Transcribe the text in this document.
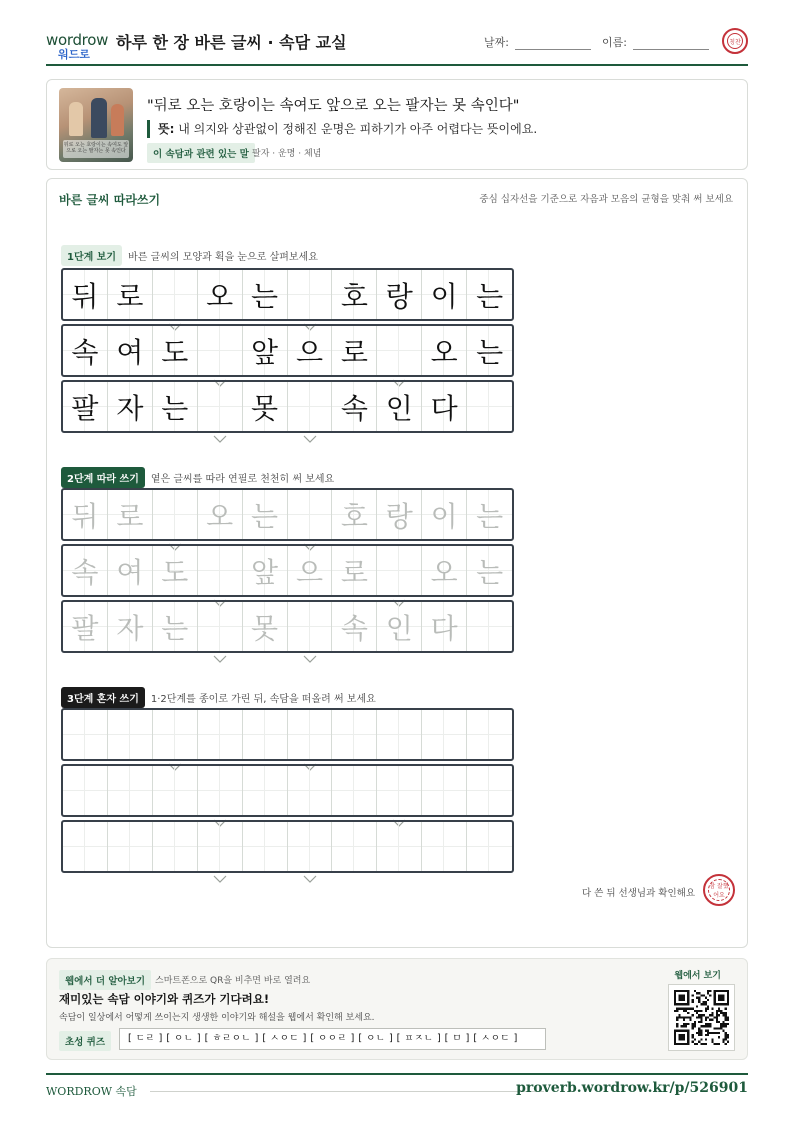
wordrow
워드로
하루 한 장 바른 글씨 · 속담 교실	날짜:	이름:	칭찬
뒤로 오는 호랑이는 속여도 앞으로 오는 팔자는 못 속인다
"뒤로 오는 호랑이는 속여도 앞으로 오는 팔자는 못 속인다"
뜻: 내 의지와 상관없이 정해진 운명은 피하기가 아주 어렵다는 뜻이에요.
이 속담과 관련 있는 말 팔자 · 운명 · 체념
바른 글씨 따라쓰기	중심 십자선을 기준으로 자음과 모음의 균형을 맞춰 써 보세요
1단계 보기 바른 글씨의 모양과 획을 눈으로 살펴보세요
뒤 로 오 는 호 랑 이 는
속 여 도 앞 으 로 오 는
팔 자 는 못 속 인 다
2단계 따라 쓰기 옅은 글씨를 따라 연필로 천천히 써 보세요
뒤 로 오 는 호 랑 이 는
속 여 도 앞 으 로 오 는
팔 자 는 못 속 인 다
3단계 혼자 쓰기 1·2단계를 종이로 가린 뒤, 속담을 떠올려 써 보세요
다 쓴 뒤 선생님과 확인해요
참 잘했어요
웹에서 더 알아보기	스마트폰으로 QR을 비추면 바로 열려요
재미있는 속담 이야기와 퀴즈가 기다려요!
속담이 일상에서 어떻게 쓰이는지 생생한 이야기와 해설을 웹에서 확인해 보세요.
초성 퀴즈	[ ㄷㄹ ] [ ㅇㄴ ] [ ㅎㄹㅇㄴ ] [ ㅅㅇㄷ ] [ ㅇㅇㄹ ] [ ㅇㄴ ] [ ㅍㅈㄴ ] [ ㅁ ] [ ㅅㅇㄷ ]
웹에서 보기
WORDROW 속담	proverb.wordrow.kr/p/526901
